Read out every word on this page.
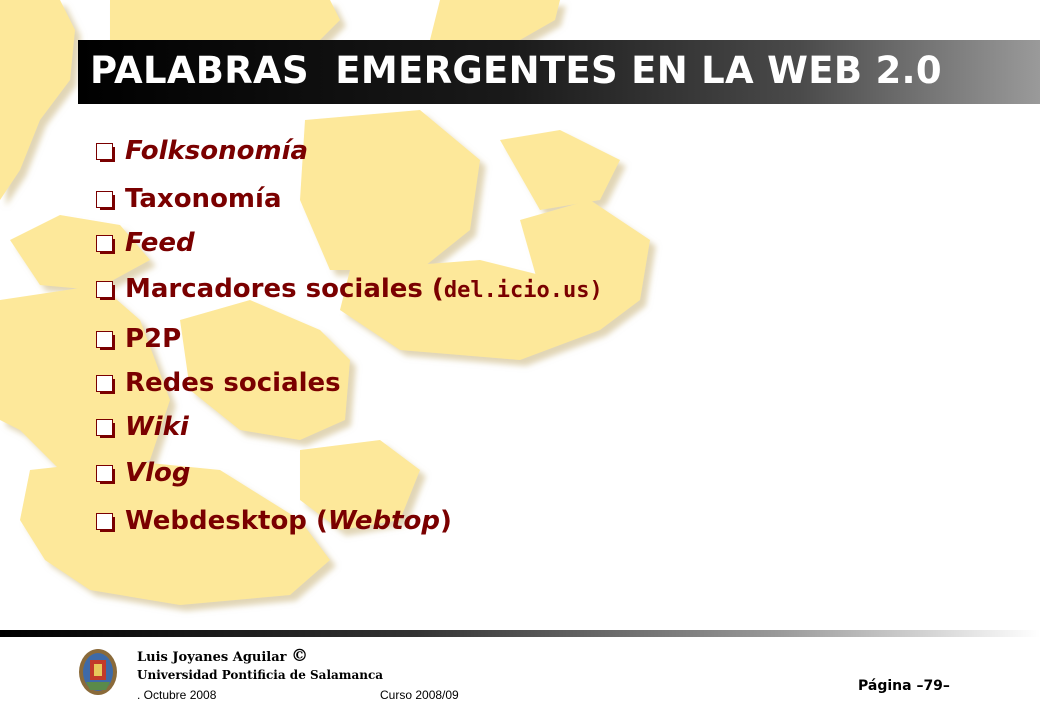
PALABRAS  EMERGENTES EN LA WEB 2.0
Folksonomía
Taxonomía
Feed
Marcadores sociales (del.icio.us)
P2P
Redes sociales
Wiki
Vlog
Webdesktop (Webtop)
Luis Joyanes Aguilar ©
Universidad Pontificia de Salamanca
. Octubre 2008	Curso 2008/09
Página –79–
